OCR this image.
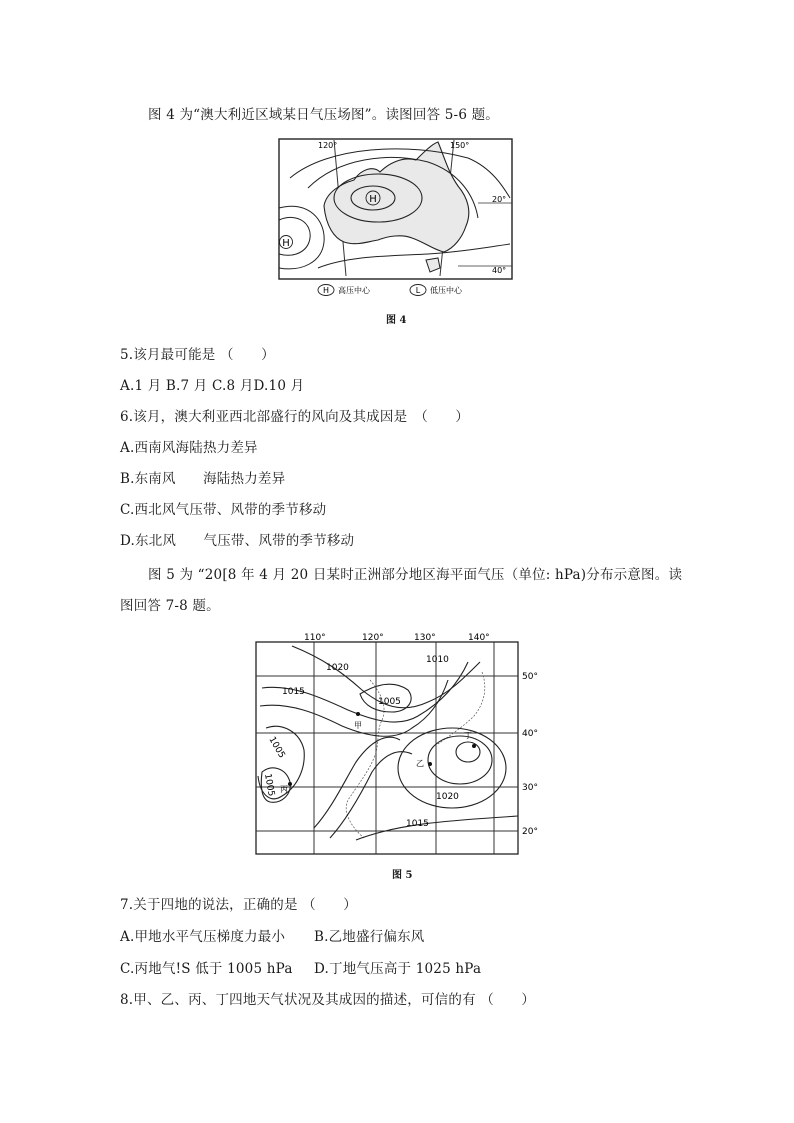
图 4 为“澳大利近区域某日气压场图”。读图回答 5-6 题。
H
H
120°	150°
20°
40°
H 高压中心	L 低压中心
图 4
5.该月最可能是 （　　）
A.1 月 B.7 月 C.8 月D.10 月
6.该月，澳大利亚西北部盛行的风向及其成因是　（　　）
A.西南风海陆热力差异
B.东南风　　海陆热力差异
C.西北风气压带、风带的季节移动
D.东北风　　气压带、风带的季节移动
图 5 为 “20[8 年 4 月 20 日某时正洲部分地区海平面气压（单位: hPa)分布示意图。读
图回答 7-8 题。
1020
1010
1015
1005
1005
1005	1020
1015
甲
丁
丙
乙
110°	120°	130°	140°
50°
40°
30°
20°
图 5
7.关于四地的说法，正确的是 （　　）
A.甲地水平气压梯度力最小 B.乙地盛行偏东风
C.丙地气!S 低于 1005 hPa D.丁地气压高于 1025 hPa
8.甲、乙、丙、丁四地天气状况及其成因的描述，可信的有 （　　）
